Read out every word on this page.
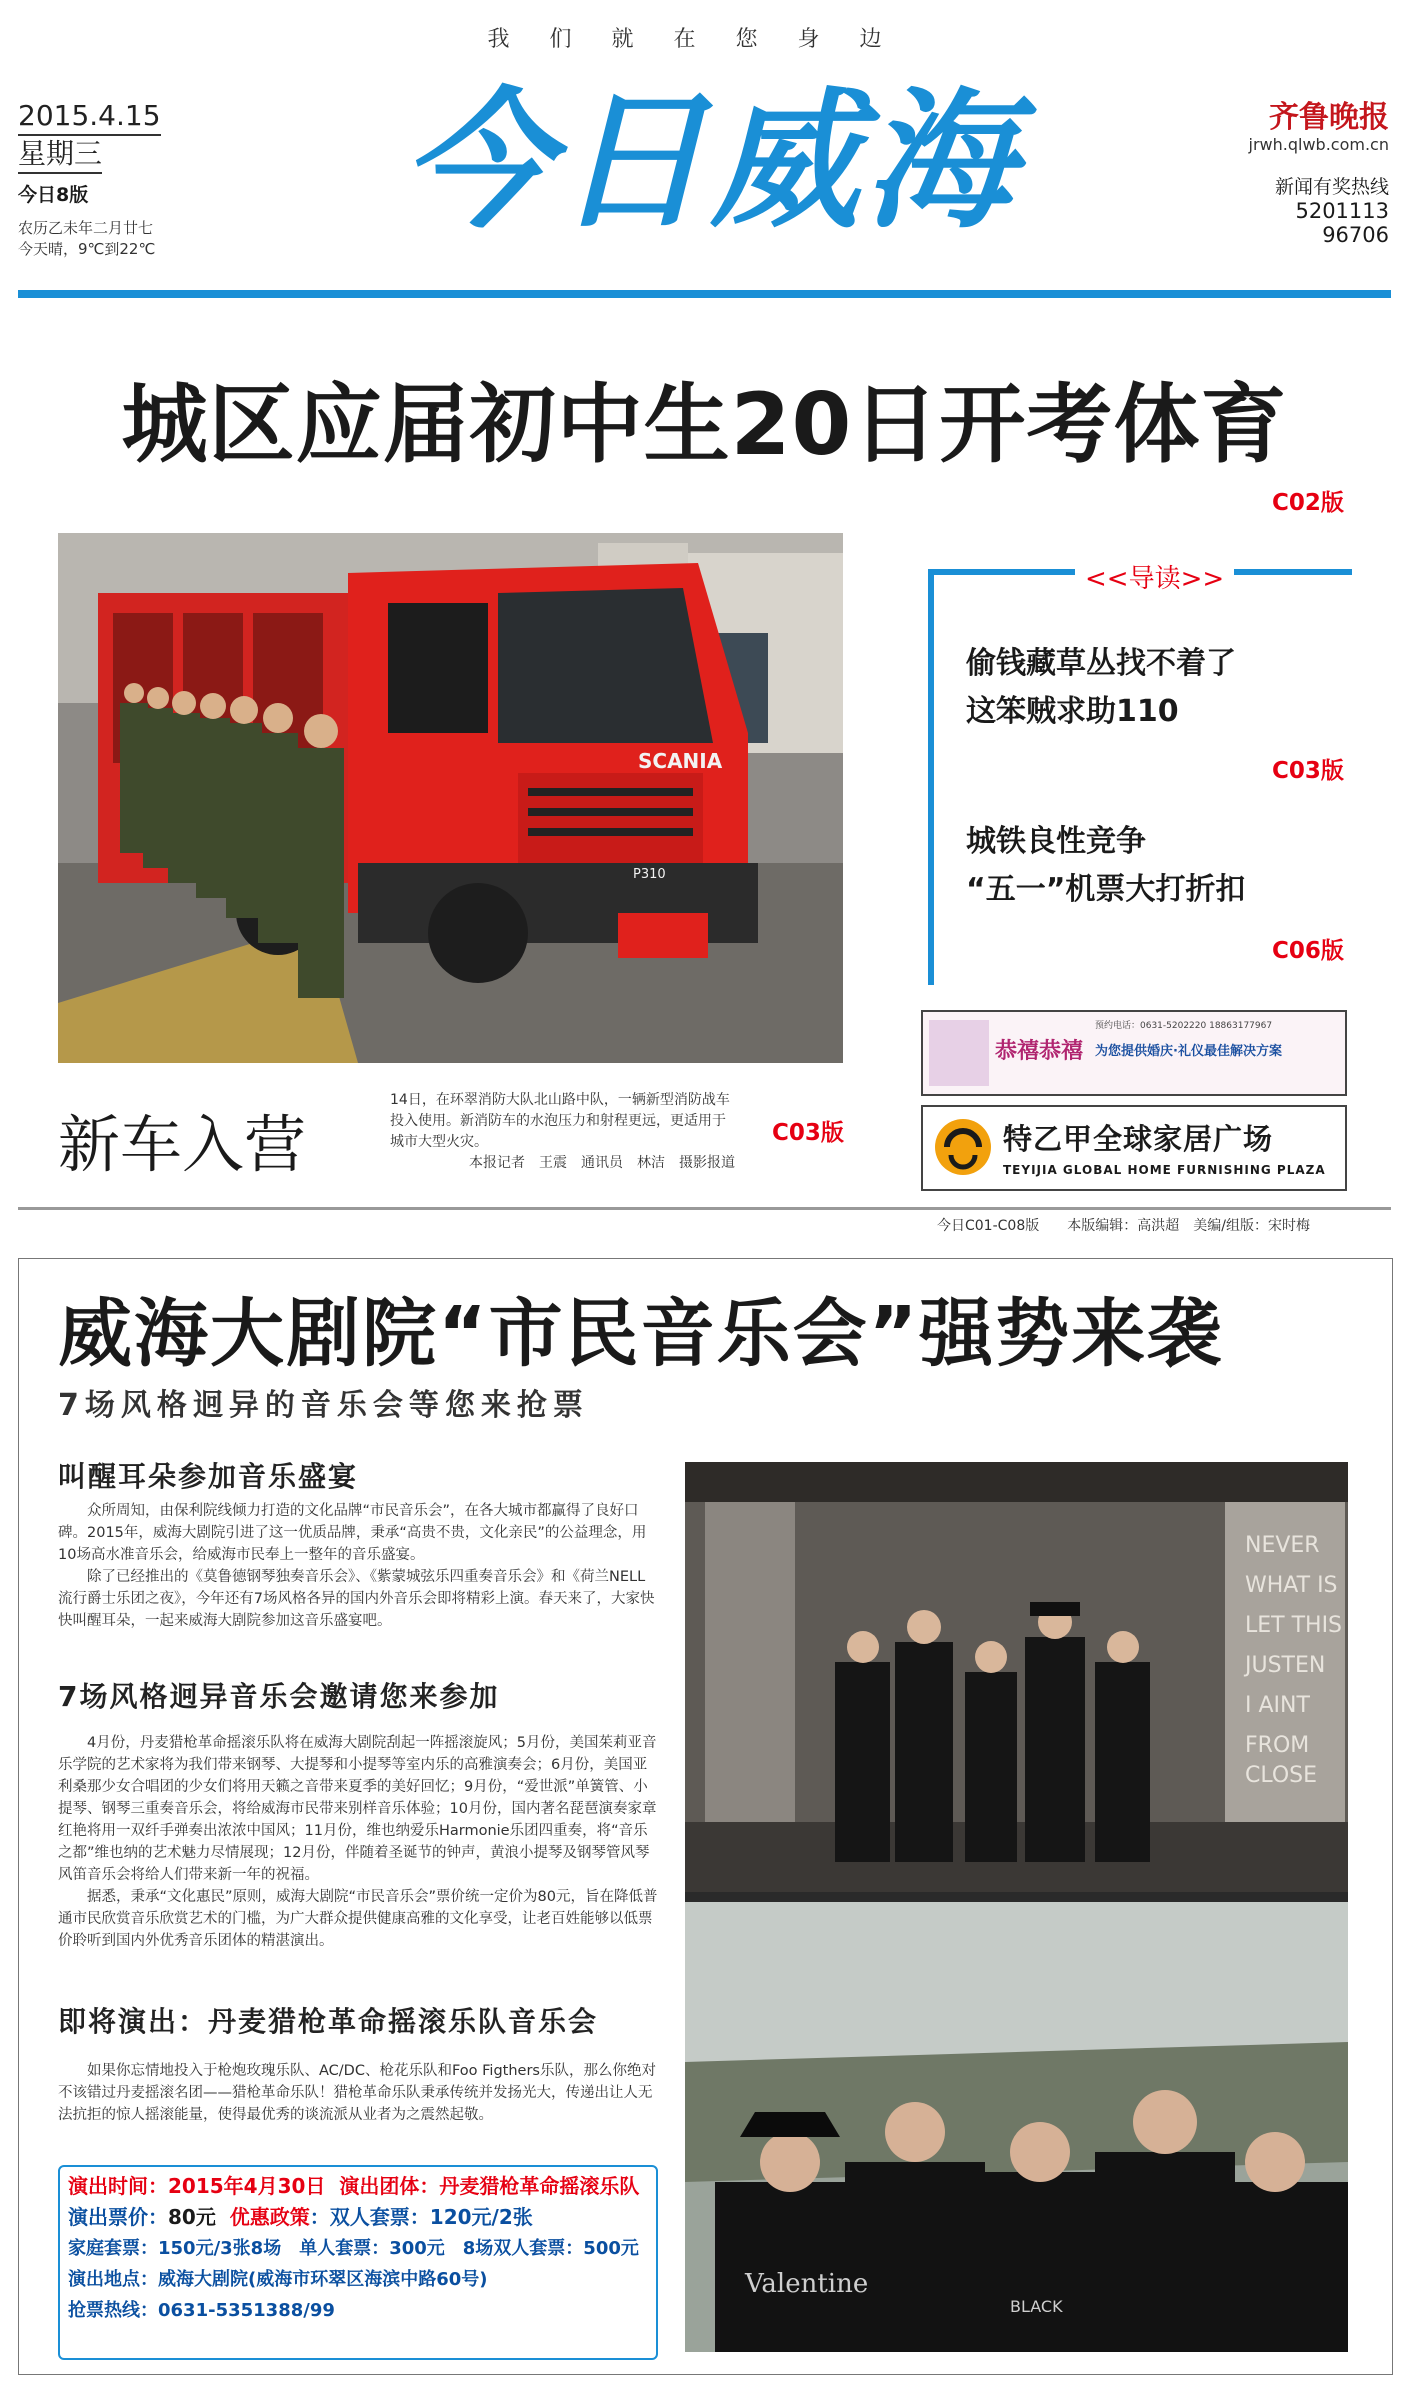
我们就在您身边
2015.4.15
星期三
今日8版
农历乙未年二月廿七
今天晴，9℃到22℃ 今日威海	齐鲁晚报
jrwh.qlwb.com.cn
新闻有奖热线
5201113
96706
城区应届初中生20日开考体育
C02版
SCANIA
P310
新车入营
14日，在环翠消防大队北山路中队，一辆新型消防战车投入使用。新消防车的水泡压力和射程更远，更适用于城市大型火灾。
本报记者　王震　通讯员　林洁　摄影报道
C03版
<<导读>>
偷钱藏草丛找不着了
这笨贼求助110
C03版
城铁良性竞争
“五一”机票大打折扣
C06版
恭禧恭禧 为您提供婚庆·礼仪最佳解决方案
预约电话：0631-5202220 18863177967
特乙甲全球家居广场
TEYIJIA GLOBAL HOME FURNISHING PLAZA
今日C01-C08版　　本版编辑：高洪超　美编/组版：宋时梅
威海大剧院“市民音乐会”强势来袭
7场风格迥异的音乐会等您来抢票
叫醒耳朵参加音乐盛宴

众所周知，由保利院线倾力打造的文化品牌“市民音乐会”，在各大城市都赢得了良好口碑。2015年，威海大剧院引进了这一优质品牌，秉承“高贵不贵，文化亲民”的公益理念，用10场高水准音乐会，给威海市民奉上一整年的音乐盛宴。

除了已经推出的《莫鲁德钢琴独奏音乐会》、《紫蒙城弦乐四重奏音乐会》和《荷兰NELL流行爵士乐团之夜》，今年还有7场风格各异的国内外音乐会即将精彩上演。春天来了，大家快快叫醒耳朵，一起来威海大剧院参加这音乐盛宴吧。

7场风格迥异音乐会邀请您来参加

4月份，丹麦猎枪革命摇滚乐队将在威海大剧院刮起一阵摇滚旋风；5月份，美国茱莉亚音乐学院的艺术家将为我们带来钢琴、大提琴和小提琴等室内乐的高雅演奏会；6月份，美国亚利桑那少女合唱团的少女们将用天籁之音带来夏季的美好回忆；9月份，“爱世派”单簧管、小提琴、钢琴三重奏音乐会，将给威海市民带来别样音乐体验；10月份，国内著名琵琶演奏家章红艳将用一双纤手弹奏出浓浓中国风；11月份，维也纳爱乐Harmonie乐团四重奏，将“音乐之都”维也纳的艺术魅力尽情展现；12月份，伴随着圣诞节的钟声，黄浪小提琴及钢琴管风琴风笛音乐会将给人们带来新一年的祝福。

据悉，秉承“文化惠民”原则，威海大剧院“市民音乐会”票价统一定价为80元，旨在降低普通市民欣赏音乐欣赏艺术的门槛，为广大群众提供健康高雅的文化享受，让老百姓能够以低票价聆听到国内外优秀音乐团体的精湛演出。

即将演出：丹麦猎枪革命摇滚乐队音乐会

如果你忘情地投入于枪炮玫瑰乐队、AC/DC、枪花乐队和Foo Figthers乐队，那么你绝对不该错过丹麦摇滚名团——猎枪革命乐队！猎枪革命乐队秉承传统并发扬光大，传递出让人无法抗拒的惊人摇滚能量，使得最优秀的谈流派从业者为之震然起敬。

演出时间：2015年4月30日 演出团体：丹麦猎枪革命摇滚乐队
演出票价：80元 优惠政策：双人套票：120元/2张
家庭套票：150元/3张8场　单人套票：300元　8场双人套票：500元
演出地点：威海大剧院(威海市环翠区海滨中路60号)
抢票热线：0631-5351388/99
NEVER WHAT IS LET THIS JUSTEN I AINT FROM CLOSE
Valentine
BLACK
